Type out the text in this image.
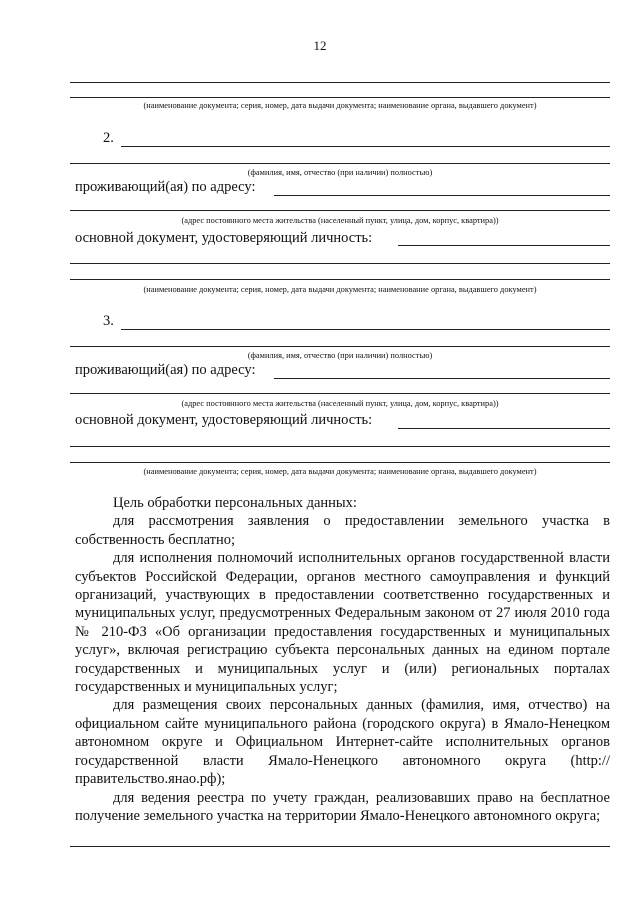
12
(наименование документа; серия, номер, дата выдачи документа; наименование органа, выдавшего документ)
2.
(фамилия, имя, отчество (при наличии) полностью)
проживающий(ая) по адресу:
(адрес постоянного места жительства (населенный пункт, улица, дом, корпус, квартира))
основной документ, удостоверяющий личность:
(наименование документа; серия, номер, дата выдачи документа; наименование органа, выдавшего документ)
3.
(фамилия, имя, отчество (при наличии) полностью)
проживающий(ая) по адресу:
(адрес постоянного места жительства (населенный пункт, улица, дом, корпус, квартира))
основной документ, удостоверяющий личность:
(наименование документа; серия, номер, дата выдачи документа; наименование органа, выдавшего документ)

Цель обработки персональных данных:

для рассмотрения заявления о предоставлении земельного участка в собственность бесплатно;

для исполнения полномочий исполнительных органов государственной власти субъектов Российской Федерации, органов местного самоуправления и функций организаций, участвующих в предоставлении соответственно государственных и муниципальных услуг, предусмотренных Федеральным законом от 27 июля 2010 года № 210-ФЗ «Об организации предоставления государственных и муниципальных услуг», включая регистрацию субъекта персональных данных на едином портале государственных и муниципальных услуг и (или) региональных порталах государственных и муниципальных услуг;

для размещения своих персональных данных (фамилия, имя, отчество) на официальном сайте муниципального района (городского округа) в Ямало-Ненецком автономном округе и Официальном Интернет-сайте исполнительных органов государственной власти Ямало-Ненецкого автономного округа (http://правительство.янао.рф);

для ведения реестра по учету граждан, реализовавших право на бесплатное получение земельного участка на территории Ямало-Ненецкого автономного округа;
